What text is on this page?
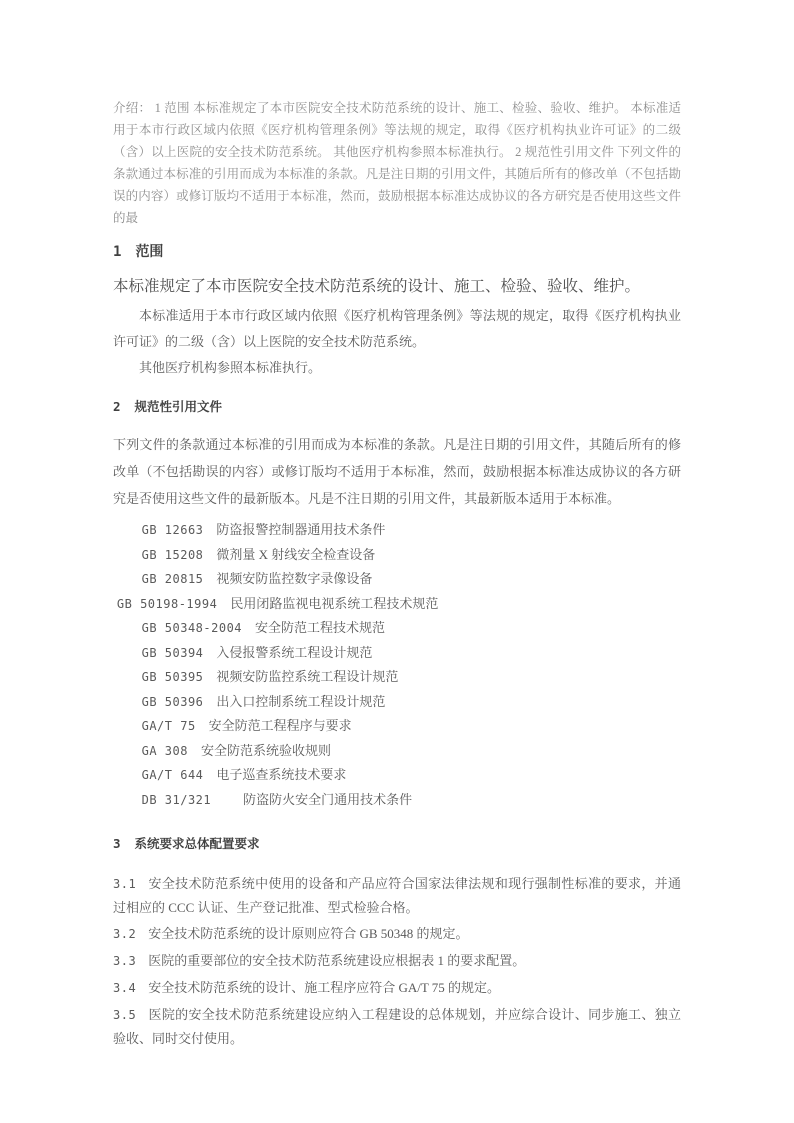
介绍： 1 范围 本标准规定了本市医院安全技术防范系统的设计、施工、检验、验收、维护。 本标准适用于本市行政区域内依照《医疗机构管理条例》等法规的规定，取得《医疗机构执业许可证》的二级 （含）以上医院的安全技术防范系统。 其他医疗机构参照本标准执行。 2 规范性引用文件 下列文件的条款通过本标准的引用而成为本标准的条款。凡是注日期的引用文件，其随后所有的修改单（不包括勘误的内容）或修订版均不适用于本标准，然而，鼓励根据本标准达成协议的各方研究是否使用这些文件的最

1 范围

本标准规定了本市医院安全技术防范系统的设计、施工、检验、验收、维护。

本标准适用于本市行政区域内依照《医疗机构管理条例》等法规的规定，取得《医疗机构执业许可证》的二级（含）以上医院的安全技术防范系统。

其他医疗机构参照本标准执行。

2 规范性引用文件

下列文件的条款通过本标准的引用而成为本标准的条款。凡是注日期的引用文件，其随后所有的修改单（不包括勘误的内容）或修订版均不适用于本标准，然而，鼓励根据本标准达成协议的各方研究是否使用这些文件的最新版本。凡是不注日期的引用文件，其最新版本适用于本标准。

GB 12663 防盗报警控制器通用技术条件
GB 15208 微剂量 X 射线安全检查设备
GB 20815 视频安防监控数字录像设备
GB 50198-1994 民用闭路监视电视系统工程技术规范
GB 50348-2004 安全防范工程技术规范
GB 50394 入侵报警系统工程设计规范
GB 50395 视频安防监控系统工程设计规范
GB 50396 出入口控制系统工程设计规范
GA/T 75 安全防范工程程序与要求
GA 308 安全防范系统验收规则
GA/T 644 电子巡查系统技术要求
DB 31/321 防盗防火安全门通用技术条件
3 系统要求总体配置要求

3.1 安全技术防范系统中使用的设备和产品应符合国家法律法规和现行强制性标准的要求，并通过相应的 CCC 认证、生产登记批准、型式检验合格。

3.2 安全技术防范系统的设计原则应符合 GB 50348 的规定。

3.3 医院的重要部位的安全技术防范系统建设应根据表 1 的要求配置。

3.4 安全技术防范系统的设计、施工程序应符合 GA/T 75 的规定。

3.5 医院的安全技术防范系统建设应纳入工程建设的总体规划，并应综合设计、同步施工、独立验收、同时交付使用。
